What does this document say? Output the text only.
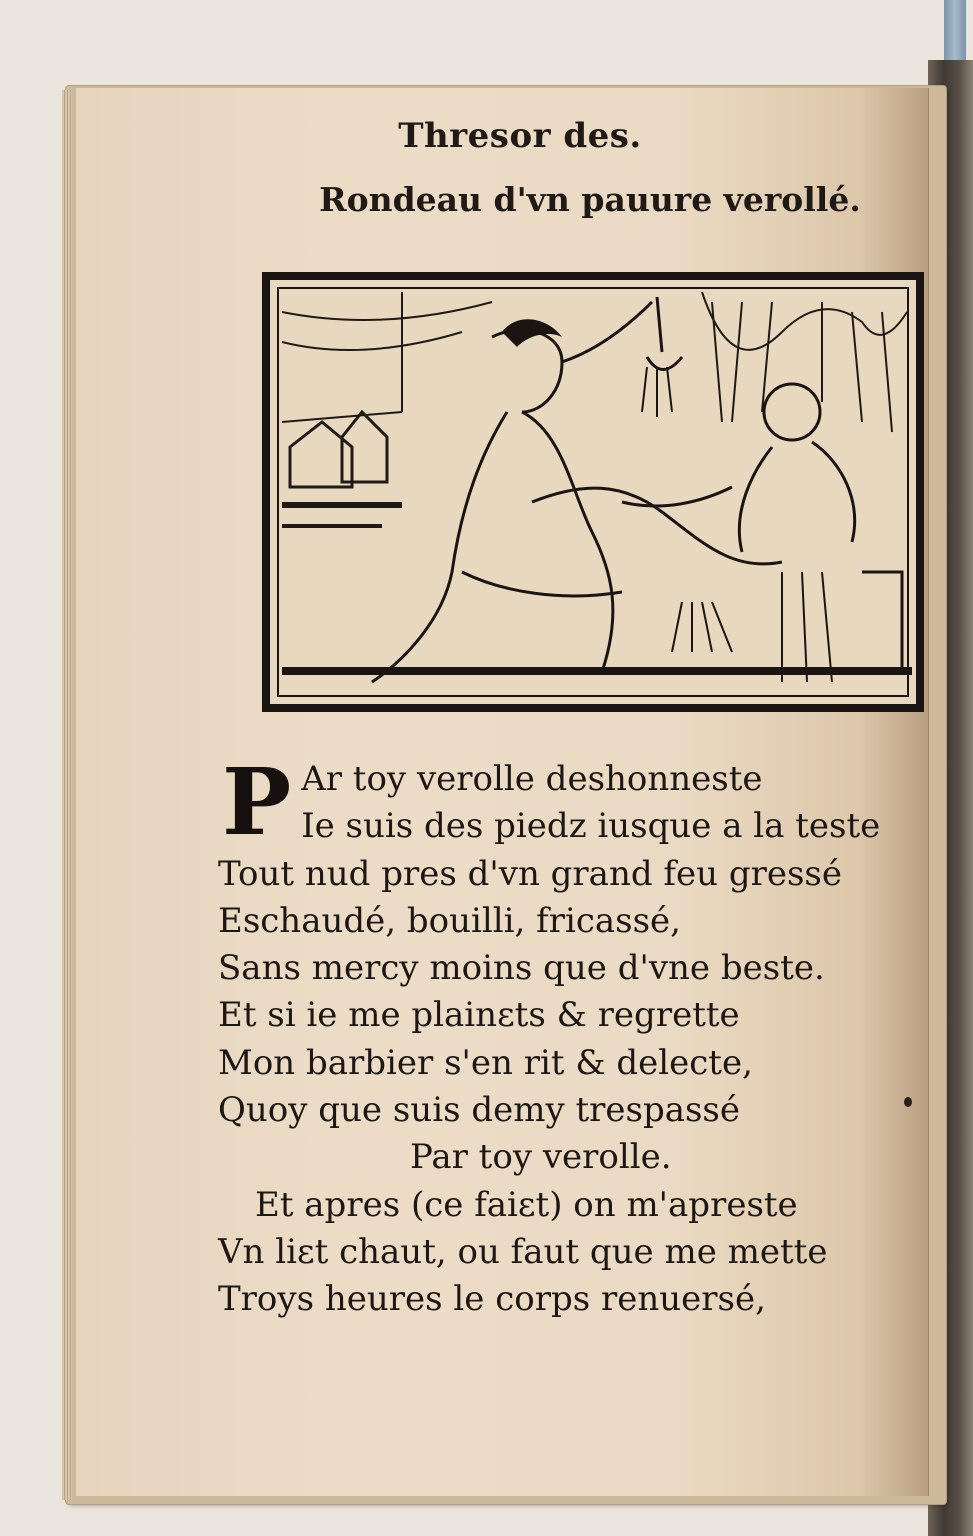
Thresor des.
Rondeau d'vn pauure verollé.
P Ar toy verolle deshonneste
Ie suis des piedz iusque a la teste
Tout nud pres d'vn grand feu gressé
Eschaudé, bouilli, fricassé,
Sans mercy moins que d'vne beste.
Et si ie me plainɛts & regrette
Mon barbier s'en rit & delecte,
Quoy que suis demy trespassé
Par toy verolle.
Et apres (ce faiɛt) on m'apreste
Vn liɛt chaut, ou faut que me mette
Troys heures le corps renuersé,
